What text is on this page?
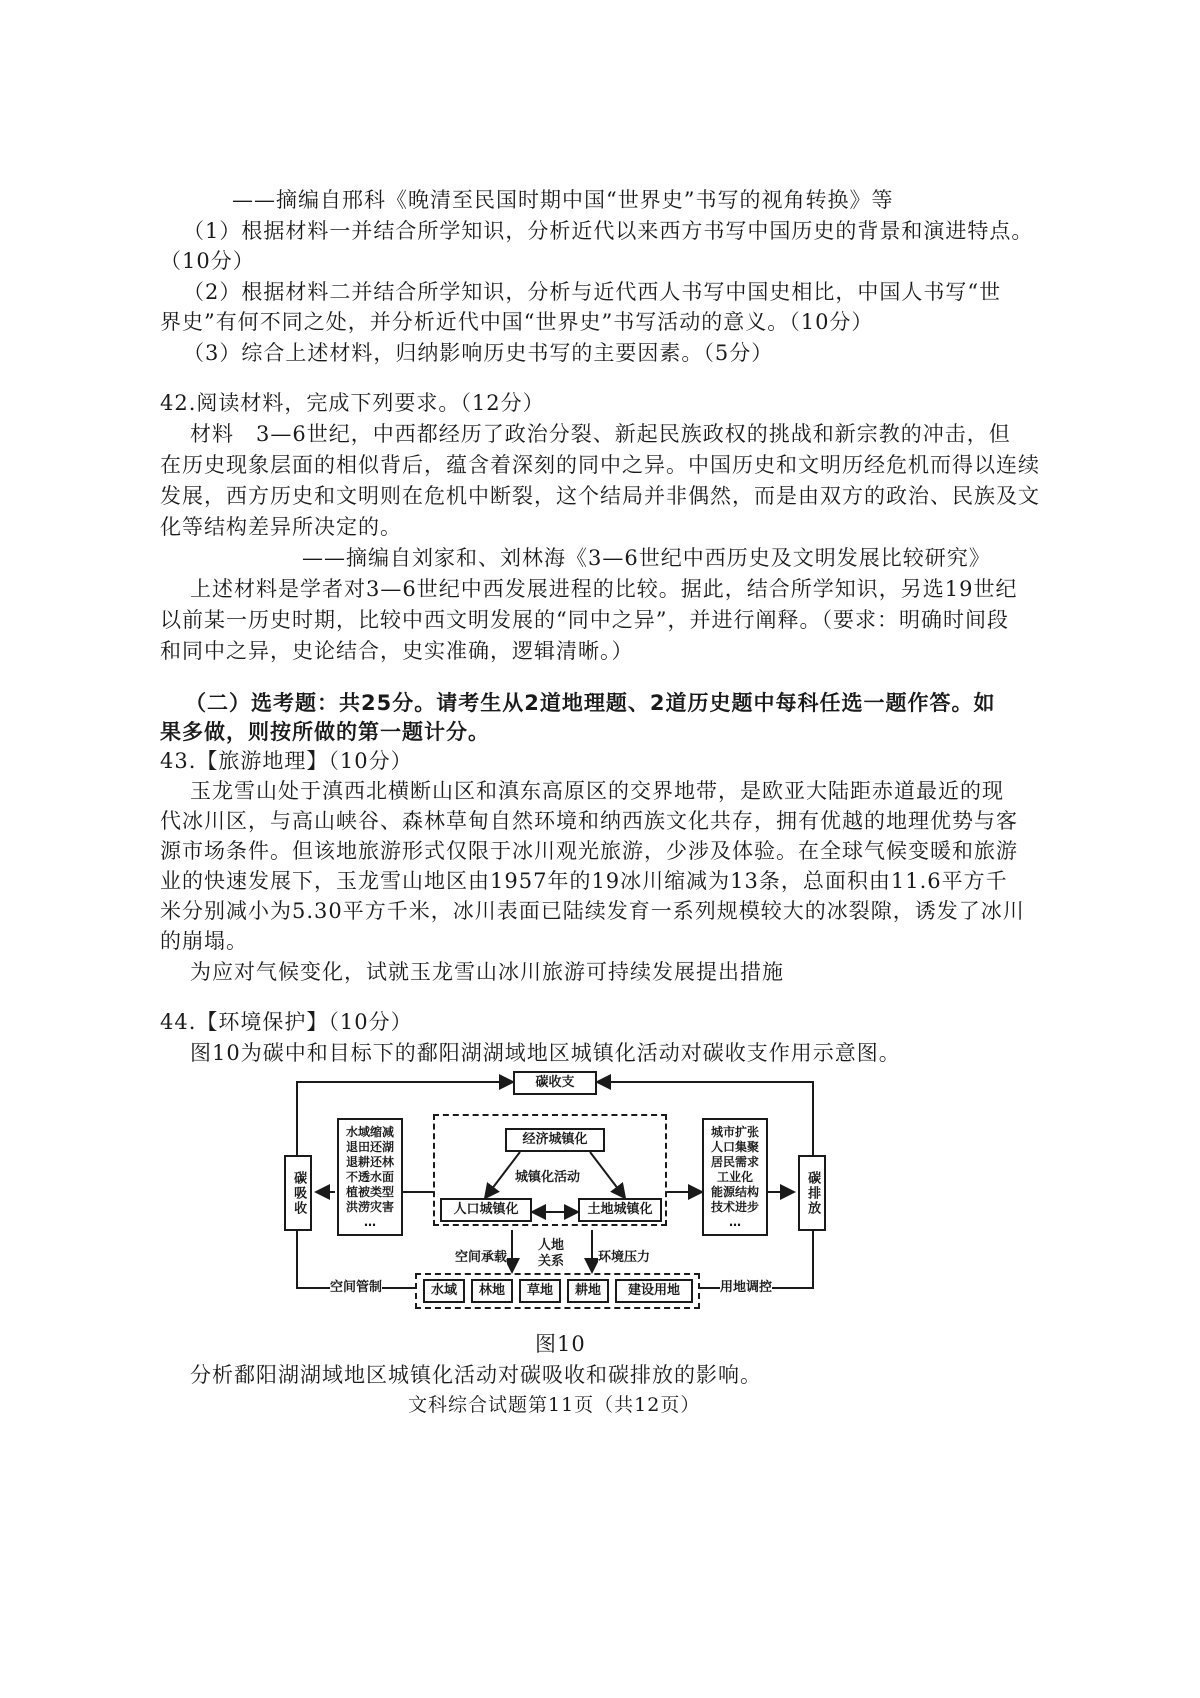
——摘编自邢科《晚清至民国时期中国“世界史”书写的视角转换》等
（1）根据材料一并结合所学知识，分析近代以来西方书写中国历史的背景和演进特点。
（10分）
（2）根据材料二并结合所学知识，分析与近代西人书写中国史相比，中国人书写“世
界史”有何不同之处，并分析近代中国“世界史”书写活动的意义。（10分）
（3）综合上述材料，归纳影响历史书写的主要因素。（5分）
42.阅读材料，完成下列要求。（12分）
材料　3—6世纪，中西都经历了政治分裂、新起民族政权的挑战和新宗教的冲击，但
在历史现象层面的相似背后，蕴含着深刻的同中之异。中国历史和文明历经危机而得以连续
发展，西方历史和文明则在危机中断裂，这个结局并非偶然，而是由双方的政治、民族及文
化等结构差异所决定的。
——摘编自刘家和、刘林海《3—6世纪中西历史及文明发展比较研究》
上述材料是学者对3—6世纪中西发展进程的比较。据此，结合所学知识，另选19世纪
以前某一历史时期，比较中西文明发展的“同中之异”，并进行阐释。（要求：明确时间段
和同中之异，史论结合，史实准确，逻辑清晰。）
（二）选考题：共25分。请考生从2道地理题、2道历史题中每科任选一题作答。如
果多做，则按所做的第一题计分。
43.【旅游地理】（10分）
玉龙雪山处于滇西北横断山区和滇东高原区的交界地带，是欧亚大陆距赤道最近的现
代冰川区，与高山峡谷、森林草甸自然环境和纳西族文化共存，拥有优越的地理优势与客
源市场条件。但该地旅游形式仅限于冰川观光旅游，少涉及体验。在全球气候变暖和旅游
业的快速发展下，玉龙雪山地区由1957年的19冰川缩减为13条，总面积由11.6平方千
米分别减小为5.30平方千米，冰川表面已陆续发育一系列规模较大的冰裂隙，诱发了冰川
的崩塌。
为应对气候变化，试就玉龙雪山冰川旅游可持续发展提出措施
44.【环境保护】（10分）
图10为碳中和目标下的鄱阳湖湖域地区城镇化活动对碳收支作用示意图。
碳收支
碳吸收	碳排放
水域缩减
退田还湖
退耕还林
不透水面
植被类型
洪涝灾害
…
城市扩张
人口集聚
居民需求
工业化
能源结构
技术进步
…
经济城镇化
城镇化活动
人口城镇化	土地城镇化
空间承载
人地
关系	环境压力
空间管制	用地调控
水域	林地	草地	耕地	建设用地
图10
分析鄱阳湖湖域地区城镇化活动对碳吸收和碳排放的影响。
文科综合试题第11页（共12页）
